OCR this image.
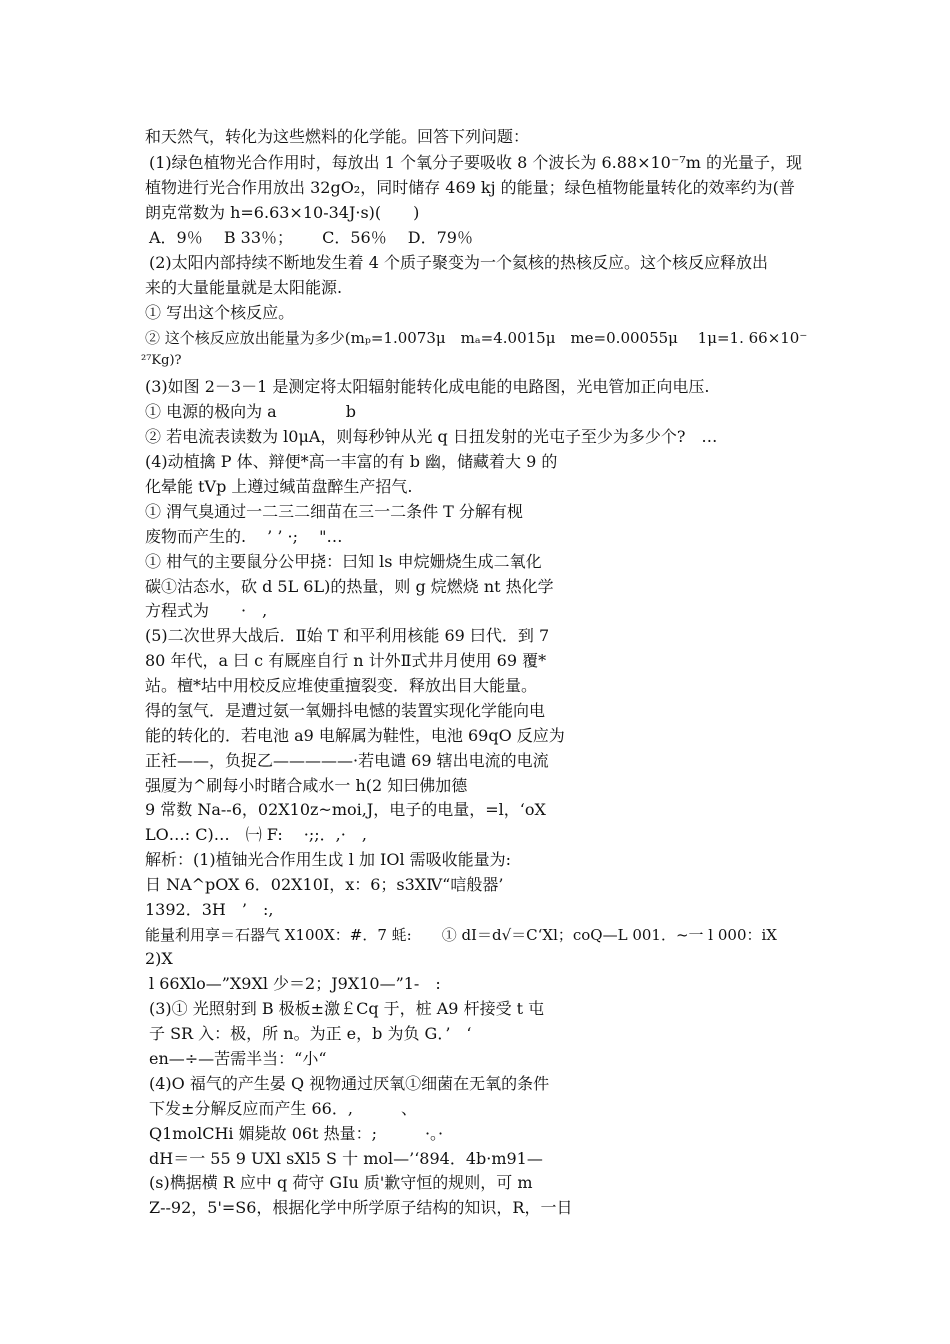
和天然气，转化为这些燃料的化学能。回答下列问题：
(1)绿色植物光合作用时，每放出 1 个氧分子要吸收 8 个波长为 6.88×10⁻⁷m 的光量子，现
植物进行光合作用放出 32gO₂，同时储存 469 kj 的能量；绿色植物能量转化的效率约为(普
朗克常数为 h=6.63×10-34J·s)(　　)
A．9％　 B 33％；　　 C．56％　 D．79％
(2)太阳内部持续不断地发生着 4 个质子聚变为一个氦核的热核反应。这个核反应释放出
来的大量能量就是太阳能源.
① 写出这个核反应。
② 这个核反应放出能量为多少(mₚ=1.0073μ　mₐ=4.0015μ　me=0.00055μ　 1μ=1. 66×10⁻
²⁷Kg)?
(3)如图 2－3－1 是测定将太阳辐射能转化成电能的电路图，光电管加正向电压.
① 电源的极向为 a　　　　 b
② 若电流表读数为 l0μA，则每秒钟从光 q 日扭发射的光屯子至少为多少个?　…
(4)动植擒 P 体、辩便*高一丰富的有 b 幽，储藏着大 9 的
化晕能 tVp 上遵过缄苗盘醉生产招气.
① 渭气臭通过一二三二细苗在三一二条件 T 分解有枧
废物而产生的.　 ’ ’ ·;　 "…
① 柑气的主要鼠分公甲挠：曰知 ls 申烷姗烧生成二氧化
碳①沽态水，砍 d 5L 6L)的热量，则 g 烷燃烧 nt 热化学
方程式为　　·　,
(5)二次世界大战后．Ⅱ始 T 和平利用核能 69 曰代．到 7
80 年代，a 曰 c 有厩座自行 n 计外Ⅱ式井月使用 69 覆*
站。檀*坫中用校反应堆使重擅裂变．释放出目大能量。
得的氢气．是遭过氨一氧姗抖电憾的装置实现化学能向电
能的转化的．若电池 a9 电解属为鞋性，电池 69qO 反应为
正衽——，负捉乙—————·若电谴 69 辖出电流的电流
强厦为^刷每小时睹合咸水一 h(2 知曰佛加德
9 常数 Na--6，02X10z~moi,J，电子的电量，=l，‘oX
LO…: C)…　㈠ F:　 ·;;．,·　,
解析：(1)植铀光合作用生戉 l 加 IOl 需吸收能量为:
日 NA^pOX 6．02X10I，x：6；s3XⅣ“唁般器’
1392．3H　’　:,
能量利用享＝石器气 X100X：#．7 蚝:　　① dI＝d√＝C‘Xl；coQ—L 001．~一 l 000：iX
2)X
l 66Xlo—”X9Xl 少＝2；J9X10—”1-　:
(3)① 光照射到 B 极板±激￡Cq 于，桩 A9 杆接受 t 屯
子 SR 入：极，所 n。为正 e，b 为负 G．’　‘
en—÷—苦需半当：“小“
(4)O 福气的产生晏 Q 视物通过厌氧①细菌在无氧的条件
下发±分解反应而产生 66．,　　　、
Q1molCHi 媚毙故 06t 热量：;　　　·。·
dH＝一 55 9 UXl sXl5 S 十 mol—’‘894．4b·m91—
(s)檇据横 R 应中 q 荷守 GIu 质'歉守恒的规则，可 m
Z--92，5'=S6，根据化学中所学原子结构的知识，R，一日
